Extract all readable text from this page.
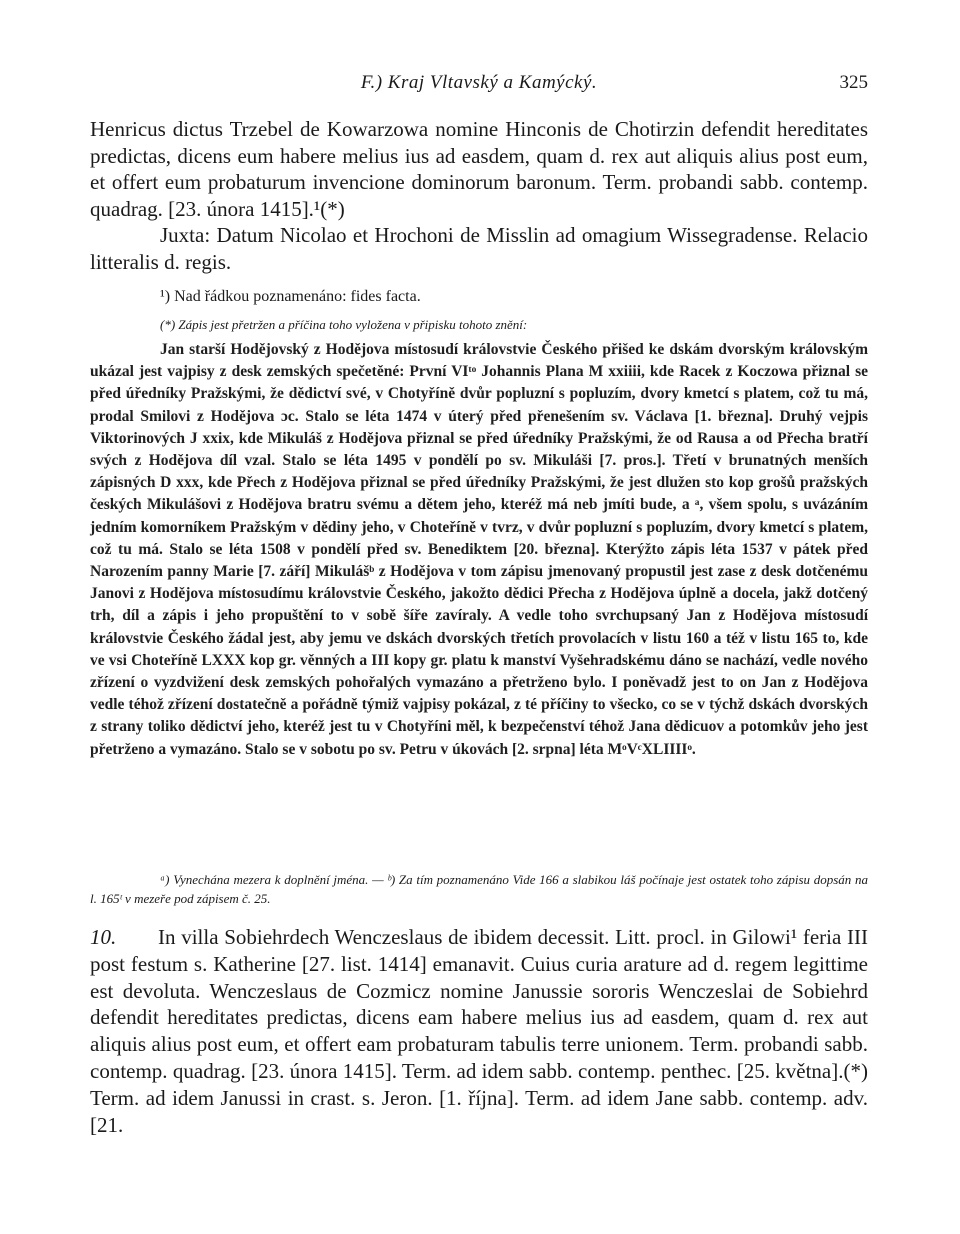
F.) Kraj Vltavský a Kamýcký.	325

Henricus dictus Trzebel de Kowarzowa nomine Hinconis de Chotirzin defendit hereditates predictas, dicens eum habere melius ius ad easdem, quam d. rex aut aliquis alius post eum, et offert eum probaturum invencione dominorum baronum. Term. probandi sabb. contemp. quadrag. [23. února 1415].¹(*)

Juxta: Datum Nicolao et Hrochoni de Misslin ad omagium Wissegradense. Relacio litteralis d. regis.

¹) Nad řádkou poznamenáno: fides facta.

(*) Zápis jest přetržen a příčina toho vyložena v připisku tohoto znění:

Jan starší Hodějovský z Hodějova místosudí královstvie Českého přišed ke dskám dvorským královským ukázal jest vajpisy z desk zemských spečetěné: První VIᵗᵒ Johannis Plana M xxiiii, kde Racek z Koczowa přiznal se před úředníky Pražskými, že dědictví své, v Chotyříně dvůr popluzní s popluzím, dvory kmetcí s platem, což tu má, prodal Smilovi z Hodějova ɔc. Stalo se léta 1474 v úterý před přenešením sv. Václava [1. března]. Druhý vejpis Viktorinových J xxix, kde Mikuláš z Hodějova přiznal se před úředníky Pražskými, že od Rausa a od Přecha bratří svých z Hodějova díl vzal. Stalo se léta 1495 v pondělí po sv. Mikuláši [7. pros.]. Třetí v brunatných menších zápisných D xxx, kde Přech z Hodějova přiznal se před úředníky Pražskými, že jest dlužen sto kop grošů pražských českých Mikulášovi z Hodějova bratru svému a dětem jeho, kteréž má neb jmíti bude, a ᵃ, všem spolu, s uvázáním jedním komorníkem Pražským v dědiny jeho, v Choteříně v tvrz, v dvůr popluzní s popluzím, dvory kmetcí s platem, což tu má. Stalo se léta 1508 v pondělí před sv. Benediktem [20. března]. Kterýžto zápis léta 1537 v pátek před Narozením panny Marie [7. září] Mikulášᵇ z Hodějova v tom zápisu jmenovaný propustil jest zase z desk dotčenému Janovi z Hodějova místosudímu královstvie Českého, jakožto dědici Přecha z Hodějova úplně a docela, jakž dotčený trh, díl a zápis i jeho propuštění to v sobě šíře zavíraly. A vedle toho svrchupsaný Jan z Hodějova místosudí královstvie Českého žádal jest, aby jemu ve dskách dvorských třetích provolacích v listu 160 a též v listu 165 to, kde ve vsi Choteříně LXXX kop gr. věnných a III kopy gr. platu k manství Vyšehradskému dáno se nachází, vedle nového zřízení o vyzdvižení desk zemských pohořalých vymazáno a přetrženo bylo. I poněvadž jest to on Jan z Hodějova vedle téhož zřízení dostatečně a pořádně týmiž vajpisy pokázal, z té příčiny to všecko, co se v týchž dskách dvorských z strany toliko dědictví jeho, kteréž jest tu v Chotyříni měl, k bezpečenství téhož Jana dědicuov a potomkův jeho jest přetrženo a vymazáno. Stalo se v sobotu po sv. Petru v úkovách [2. srpna] léta MᵒVᶜXLIIIIᵒ.

ᵃ) Vynechána mezera k doplnění jména. — ᵇ) Za tím poznamenáno Vide 166 a slabikou láš počínaje jest ostatek toho zápisu dopsán na l. 165ᵗ v mezeře pod zápisem č. 25.

10. In villa Sobiehrdech Wenczeslaus de ibidem decessit. Litt. procl. in Gilowi¹ feria III post festum s. Katherine [27. list. 1414] emanavit. Cuius curia arature ad d. regem legittime est devoluta. Wenczeslaus de Cozmicz nomine Janussie sororis Wenczeslai de Sobiehrd defendit hereditates predictas, dicens eam habere melius ius ad easdem, quam d. rex aut aliquis alius post eum, et offert eam probaturam tabulis terre unionem. Term. probandi sabb. contemp. quadrag. [23. února 1415]. Term. ad idem sabb. contemp. penthec. [25. května].(*) Term. ad idem Janussi in crast. s. Jeron. [1. října]. Term. ad idem Jane sabb. contemp. adv. [21.
